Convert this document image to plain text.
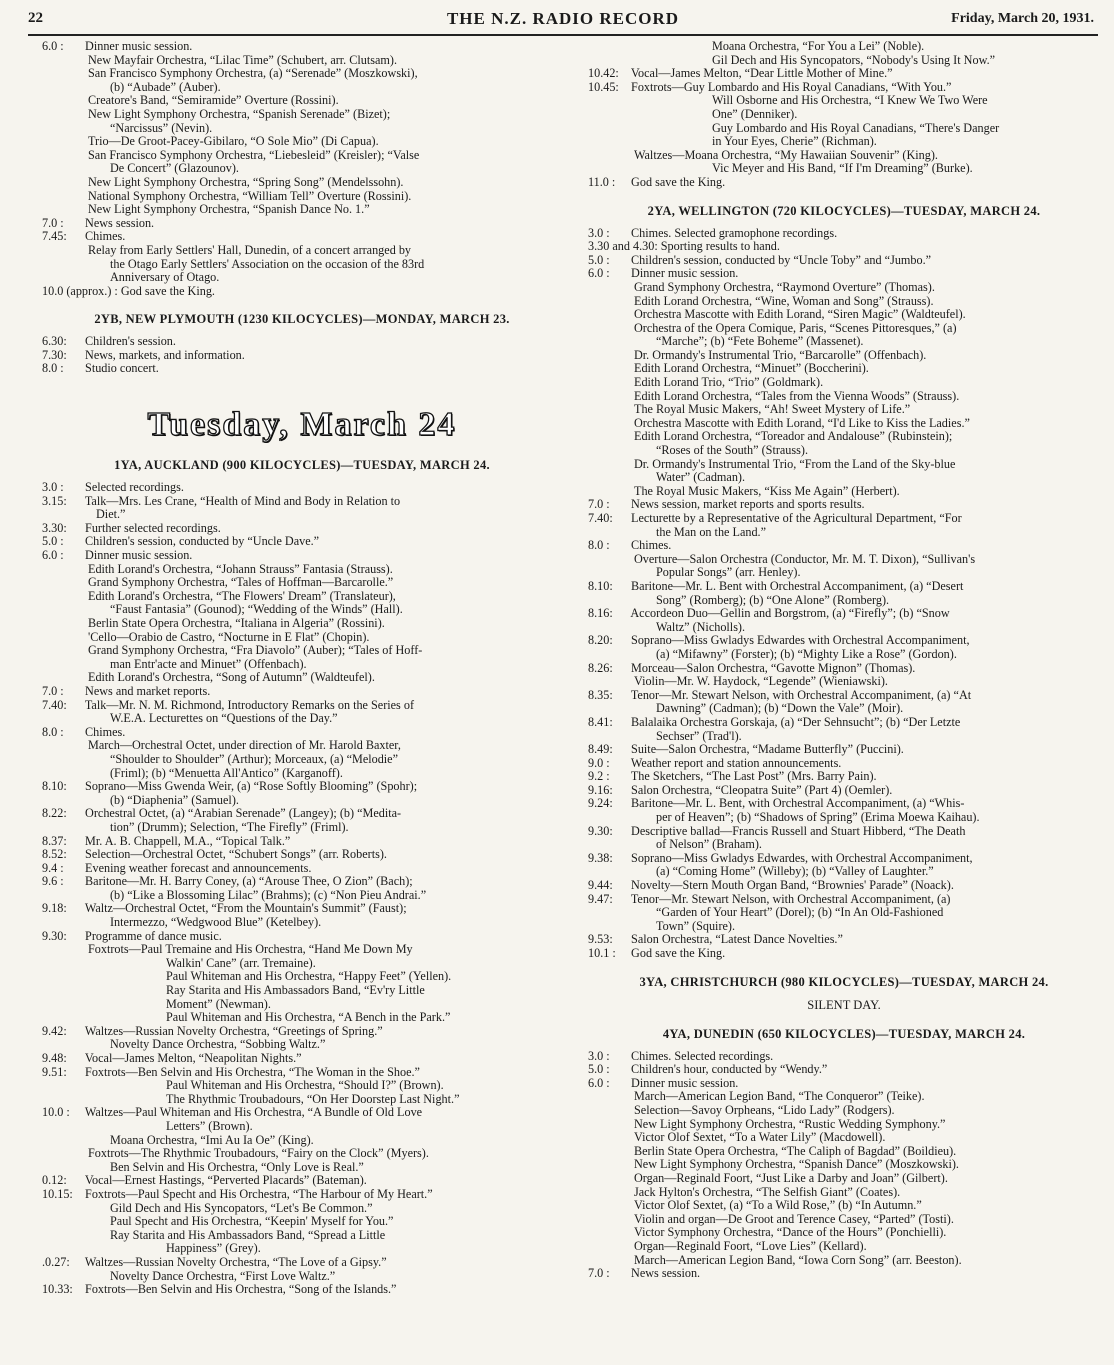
22	THE N.Z. RADIO RECORD	Friday, March 20, 1931.
6.0 : Dinner music session.
New Mayfair Orchestra, “Lilac Time” (Schubert, arr. Clutsam).
San Francisco Symphony Orchestra, (a) “Serenade” (Moszkowski),
(b) “Aubade” (Auber).
Creatore's Band, “Semiramide” Overture (Rossini).
New Light Symphony Orchestra, “Spanish Serenade” (Bizet);
“Narcissus” (Nevin).
Trio—De Groot-Pacey-Gibilaro, “O Sole Mio” (Di Capua).
San Francisco Symphony Orchestra, “Liebesleid” (Kreisler); “Valse
De Concert” (Glazounov).
New Light Symphony Orchestra, “Spring Song” (Mendelssohn).
National Symphony Orchestra, “William Tell” Overture (Rossini).
New Light Symphony Orchestra, “Spanish Dance No. 1.”
7.0 : News session.
7.45: Chimes.
Relay from Early Settlers' Hall, Dunedin, of a concert arranged by
the Otago Early Settlers' Association on the occasion of the 83rd
Anniversary of Otago.
10.0 (approx.) : God save the King.
2YB, NEW PLYMOUTH (1230 KILOCYCLES)—MONDAY, MARCH 23.
6.30: Children's session.
7.30: News, markets, and information.
8.0 : Studio concert.
Tuesday, March 24
1YA, AUCKLAND (900 KILOCYCLES)—TUESDAY, MARCH 24.
3.0 : Selected recordings.
3.15: Talk—Mrs. Les Crane, “Health of Mind and Body in Relation to
Diet.”
3.30: Further selected recordings.
5.0 : Children's session, conducted by “Uncle Dave.”
6.0 : Dinner music session.
Edith Lorand's Orchestra, “Johann Strauss” Fantasia (Strauss).
Grand Symphony Orchestra, “Tales of Hoffman—Barcarolle.”
Edith Lorand's Orchestra, “The Flowers' Dream” (Translateur),
“Faust Fantasia” (Gounod); “Wedding of the Winds” (Hall).
Berlin State Opera Orchestra, “Italiana in Algeria” (Rossini).
'Cello—Orabio de Castro, “Nocturne in E Flat” (Chopin).
Grand Symphony Orchestra, “Fra Diavolo” (Auber); “Tales of Hoff-
man Entr'acte and Minuet” (Offenbach).
Edith Lorand's Orchestra, “Song of Autumn” (Waldteufel).
7.0 : News and market reports.
7.40: Talk—Mr. N. M. Richmond, Introductory Remarks on the Series of
W.E.A. Lecturettes on “Questions of the Day.”
8.0 : Chimes.
March—Orchestral Octet, under direction of Mr. Harold Baxter,
“Shoulder to Shoulder” (Arthur); Morceaux, (a) “Melodie”
(Friml); (b) “Menuetta All'Antico” (Karganoff).
8.10: Soprano—Miss Gwenda Weir, (a) “Rose Softly Blooming” (Spohr);
(b) “Diaphenia” (Samuel).
8.22: Orchestral Octet, (a) “Arabian Serenade” (Langey); (b) “Medita-
tion” (Drumm); Selection, “The Firefly” (Friml).
8.37: Mr. A. B. Chappell, M.A., “Topical Talk.”
8.52: Selection—Orchestral Octet, “Schubert Songs” (arr. Roberts).
9.4 : Evening weather forecast and announcements.
9.6 : Baritone—Mr. H. Barry Coney, (a) “Arouse Thee, O Zion” (Bach);
(b) “Like a Blossoming Lilac” (Brahms); (c) “Non Pieu Andrai.”
9.18: Waltz—Orchestral Octet, “From the Mountain's Summit” (Faust);
Intermezzo, “Wedgwood Blue” (Ketelbey).
9.30: Programme of dance music.
Foxtrots—Paul Tremaine and His Orchestra, “Hand Me Down My
Walkin' Cane” (arr. Tremaine).
Paul Whiteman and His Orchestra, “Happy Feet” (Yellen).
Ray Starita and His Ambassadors Band, “Ev'ry Little
Moment” (Newman).
Paul Whiteman and His Orchestra, “A Bench in the Park.”
9.42: Waltzes—Russian Novelty Orchestra, “Greetings of Spring.”
Novelty Dance Orchestra, “Sobbing Waltz.”
9.48: Vocal—James Melton, “Neapolitan Nights.”
9.51: Foxtrots—Ben Selvin and His Orchestra, “The Woman in the Shoe.”
Paul Whiteman and His Orchestra, “Should I?” (Brown).
The Rhythmic Troubadours, “On Her Doorstep Last Night.”
10.0 : Waltzes—Paul Whiteman and His Orchestra, “A Bundle of Old Love
Letters” (Brown).
Moana Orchestra, “Imi Au Ia Oe” (King).
Foxtrots—The Rhythmic Troubadours, “Fairy on the Clock” (Myers).
Ben Selvin and His Orchestra, “Only Love is Real.”
0.12: Vocal—Ernest Hastings, “Perverted Placards” (Bateman).
10.15: Foxtrots—Paul Specht and His Orchestra, “The Harbour of My Heart.”
Gild Dech and His Syncopators, “Let's Be Common.”
Paul Specht and His Orchestra, “Keepin' Myself for You.”
Ray Starita and His Ambassadors Band, “Spread a Little
Happiness” (Grey).
.0.27: Waltzes—Russian Novelty Orchestra, “The Love of a Gipsy.”
Novelty Dance Orchestra, “First Love Waltz.”
10.33: Foxtrots—Ben Selvin and His Orchestra, “Song of the Islands.”
Moana Orchestra, “For You a Lei” (Noble).
Gil Dech and His Syncopators, “Nobody's Using It Now.”
10.42: Vocal—James Melton, “Dear Little Mother of Mine.”
10.45: Foxtrots—Guy Lombardo and His Royal Canadians, “With You.”
Will Osborne and His Orchestra, “I Knew We Two Were
One” (Denniker).
Guy Lombardo and His Royal Canadians, “There's Danger
in Your Eyes, Cherie” (Richman).
Waltzes—Moana Orchestra, “My Hawaiian Souvenir” (King).
Vic Meyer and His Band, “If I'm Dreaming” (Burke).
11.0 : God save the King.
2YA, WELLINGTON (720 KILOCYCLES)—TUESDAY, MARCH 24.
3.0 : Chimes. Selected gramophone recordings.
3.30 and 4.30: Sporting results to hand.
5.0 : Children's session, conducted by “Uncle Toby” and “Jumbo.”
6.0 : Dinner music session.
Grand Symphony Orchestra, “Raymond Overture” (Thomas).
Edith Lorand Orchestra, “Wine, Woman and Song” (Strauss).
Orchestra Mascotte with Edith Lorand, “Siren Magic” (Waldteufel).
Orchestra of the Opera Comique, Paris, “Scenes Pittoresques,” (a)
“Marche”; (b) “Fete Boheme” (Massenet).
Dr. Ormandy's Instrumental Trio, “Barcarolle” (Offenbach).
Edith Lorand Orchestra, “Minuet” (Boccherini).
Edith Lorand Trio, “Trio” (Goldmark).
Edith Lorand Orchestra, “Tales from the Vienna Woods” (Strauss).
The Royal Music Makers, “Ah! Sweet Mystery of Life.”
Orchestra Mascotte with Edith Lorand, “I'd Like to Kiss the Ladies.”
Edith Lorand Orchestra, “Toreador and Andalouse” (Rubinstein);
“Roses of the South” (Strauss).
Dr. Ormandy's Instrumental Trio, “From the Land of the Sky-blue
Water” (Cadman).
The Royal Music Makers, “Kiss Me Again” (Herbert).
7.0 : News session, market reports and sports results.
7.40: Lecturette by a Representative of the Agricultural Department, “For
the Man on the Land.”
8.0 : Chimes.
Overture—Salon Orchestra (Conductor, Mr. M. T. Dixon), “Sullivan's
Popular Songs” (arr. Henley).
8.10: Baritone—Mr. L. Bent with Orchestral Accompaniment, (a) “Desert
Song” (Romberg); (b) “One Alone” (Romberg).
8.16: Accordeon Duo—Gellin and Borgstrom, (a) “Firefly”; (b) “Snow
Waltz” (Nicholls).
8.20: Soprano—Miss Gwladys Edwardes with Orchestral Accompaniment,
(a) “Mifawny” (Forster); (b) “Mighty Like a Rose” (Gordon).
8.26: Morceau—Salon Orchestra, “Gavotte Mignon” (Thomas).
Violin—Mr. W. Haydock, “Legende” (Wieniawski).
8.35: Tenor—Mr. Stewart Nelson, with Orchestral Accompaniment, (a) “At
Dawning” (Cadman); (b) “Down the Vale” (Moir).
8.41: Balalaika Orchestra Gorskaja, (a) “Der Sehnsucht”; (b) “Der Letzte
Sechser” (Trad'l).
8.49: Suite—Salon Orchestra, “Madame Butterfly” (Puccini).
9.0 : Weather report and station announcements.
9.2 : The Sketchers, “The Last Post” (Mrs. Barry Pain).
9.16: Salon Orchestra, “Cleopatra Suite” (Part 4) (Oemler).
9.24: Baritone—Mr. L. Bent, with Orchestral Accompaniment, (a) “Whis-
per of Heaven”; (b) “Shadows of Spring” (Erima Moewa Kaihau).
9.30: Descriptive ballad—Francis Russell and Stuart Hibberd, “The Death
of Nelson” (Braham).
9.38: Soprano—Miss Gwladys Edwardes, with Orchestral Accompaniment,
(a) “Coming Home” (Willeby); (b) “Valley of Laughter.”
9.44: Novelty—Stern Mouth Organ Band, “Brownies' Parade” (Noack).
9.47: Tenor—Mr. Stewart Nelson, with Orchestral Accompaniment, (a)
“Garden of Your Heart” (Dorel); (b) “In An Old-Fashioned
Town” (Squire).
9.53: Salon Orchestra, “Latest Dance Novelties.”
10.1 : God save the King.
3YA, CHRISTCHURCH (980 KILOCYCLES)—TUESDAY, MARCH 24.
SILENT DAY.
4YA, DUNEDIN (650 KILOCYCLES)—TUESDAY, MARCH 24.
3.0 : Chimes. Selected recordings.
5.0 : Children's hour, conducted by “Wendy.”
6.0 : Dinner music session.
March—American Legion Band, “The Conqueror” (Teike).
Selection—Savoy Orpheans, “Lido Lady” (Rodgers).
New Light Symphony Orchestra, “Rustic Wedding Symphony.”
Victor Olof Sextet, “To a Water Lily” (Macdowell).
Berlin State Opera Orchestra, “The Caliph of Bagdad” (Boildieu).
New Light Symphony Orchestra, “Spanish Dance” (Moszkowski).
Organ—Reginald Foort, “Just Like a Darby and Joan” (Gilbert).
Jack Hylton's Orchestra, “The Selfish Giant” (Coates).
Victor Olof Sextet, (a) “To a Wild Rose,” (b) “In Autumn.”
Violin and organ—De Groot and Terence Casey, “Parted” (Tosti).
Victor Symphony Orchestra, “Dance of the Hours” (Ponchielli).
Organ—Reginald Foort, “Love Lies” (Kellard).
March—American Legion Band, “Iowa Corn Song” (arr. Beeston).
7.0 : News session.
